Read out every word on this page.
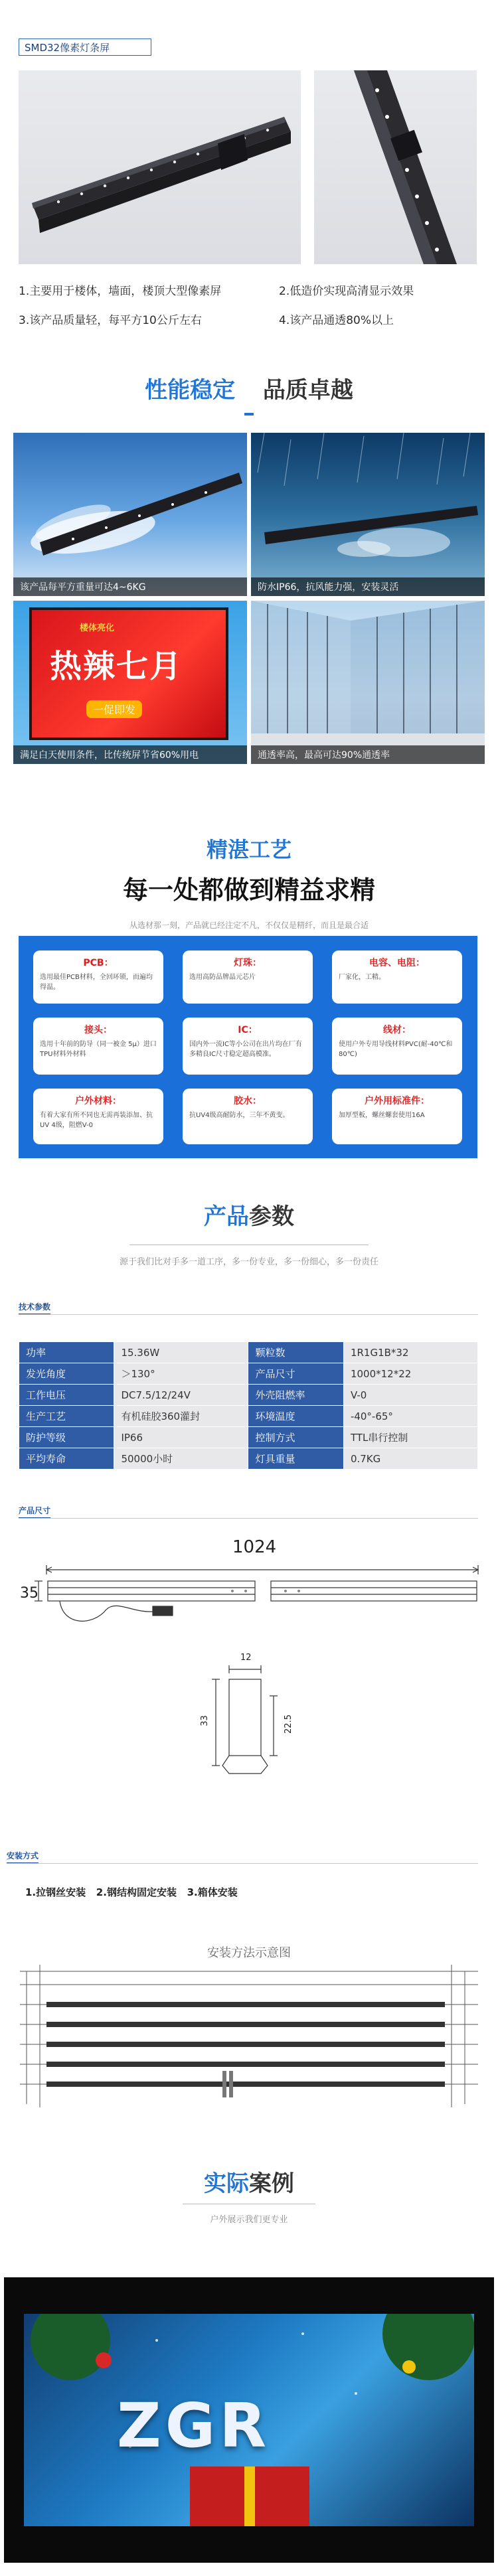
SMD32像素灯条屏
1.主要用于楼体，墙面，楼顶大型像素屏	2.低造价实现高清显示效果
3.该产品质量轻，每平方10公斤左右	4.该产品通透80%以上
性能稳定 品质卓越
该产品每平方重量可达4~6KG	防水IP66，抗风能力强，安装灵活
楼体亮化
热辣七月
一促即发
满足白天使用条件，比传统屏节省60%用电	通透率高，最高可达90%通透率
精湛工艺
每一处都做到精益求精
从选材那一刻，产品就已经注定不凡，不仅仅是精纤，而且是最合适
PCB：
选用最佳PCB材料，全回环锁，而遍均得温。
灯珠：
选用高防品牌晶元芯片
电容、电阻：
厂家化，工精。
接头：
选用十年前的防导（同一被金 5μ）进口TPU材料外材料
IC：
国内外一流IC等小公司在出片均在厂有多精良IC尺寸稳定超高模准。
线材：
使用户外专用导线材料PVC(耐-40℃和80℃)
户外材料：
有着大家有所不同也无需再装添加、抗UV 4级，阻燃V-0
胶水：
抗UV4级高耐防水，三年不黄变。
户外用标准件：
加厚型板，螺丝螺套使用16A
产品参数
源于我们比对手多一道工序，多一份专业，多一份细心，多一份责任
技术参数
功率	15.36W	颗粒数	1R1G1B*32
发光角度	＞130°	产品尺寸	1000*12*22
工作电压	DC7.5/12/24V	外壳阻燃率	V-0
生产工艺	有机硅胶360灌封	环境温度	-40°-65°
防护等级	IP66	控制方式	TTL串行控制
平均寿命	50000小时	灯具重量	0.7KG
产品尺寸
1024
35
12
33	22.5
安装方式
1.拉钢丝安装   2.钢结构固定安装   3.箱体安装
安装方法示意图
实际案例
户外展示我们更专业
ZGR
